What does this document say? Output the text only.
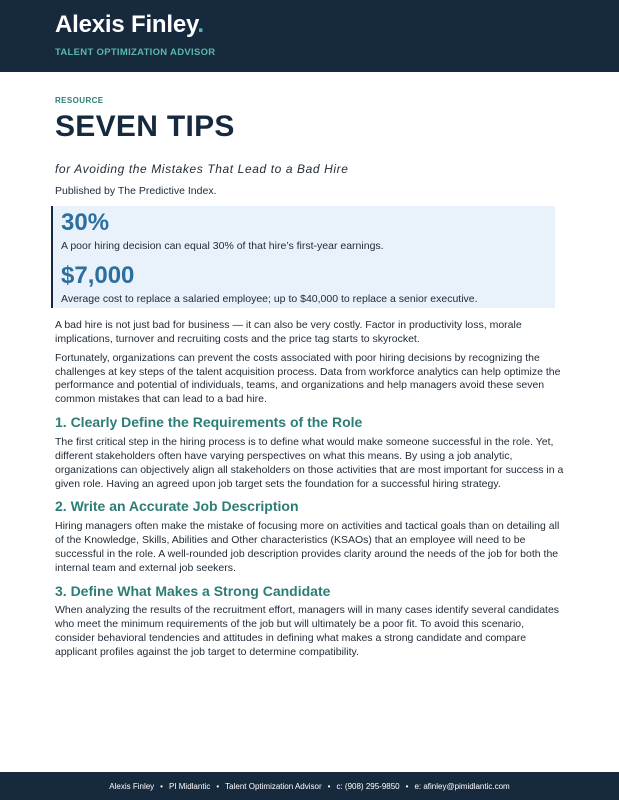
Alexis Finley.
TALENT OPTIMIZATION ADVISOR

RESOURCE

SEVEN TIPS

for Avoiding the Mistakes That Lead to a Bad Hire

Published by The Predictive Index.

30%

A poor hiring decision can equal 30% of that hire’s first-year earnings.

$7,000

Average cost to replace a salaried employee; up to $40,000 to replace a senior executive.

A bad hire is not just bad for business — it can also be very costly. Factor in productivity loss, morale implications, turnover and recruiting costs and the price tag starts to skyrocket.

Fortunately, organizations can prevent the costs associated with poor hiring decisions by recognizing the challenges at key steps of the talent acquisition process. Data from workforce analytics can help optimize the performance and potential of individuals, teams, and organizations and help managers avoid these seven common mistakes that can lead to a bad hire.

1. Clearly Define the Requirements of the Role

The first critical step in the hiring process is to define what would make someone successful in the role. Yet, different stakeholders often have varying perspectives on what this means. By using a job analytic, organizations can objectively align all stakeholders on those activities that are most important for success in a given role. Having an agreed upon job target sets the foundation for a successful hiring strategy.

2. Write an Accurate Job Description

Hiring managers often make the mistake of focusing more on activities and tactical goals than on detailing all of the Knowledge, Skills, Abilities and Other characteristics (KSAOs) that an employee will need to be successful in the role. A well-rounded job description provides clarity around the needs of the job for both the internal team and external job seekers.

3. Define What Makes a Strong Candidate

When analyzing the results of the recruitment effort, managers will in many cases identify several candidates who meet the minimum requirements of the job but will ultimately be a poor fit. To avoid this scenario, consider behavioral tendencies and attitudes in defining what makes a strong candidate and compare applicant profiles against the job target to determine compatibility.

Alexis Finley • PI Midlantic • Talent Optimization Advisor • c: (908) 295-9850 • e: afinley@pimidlantic.com
